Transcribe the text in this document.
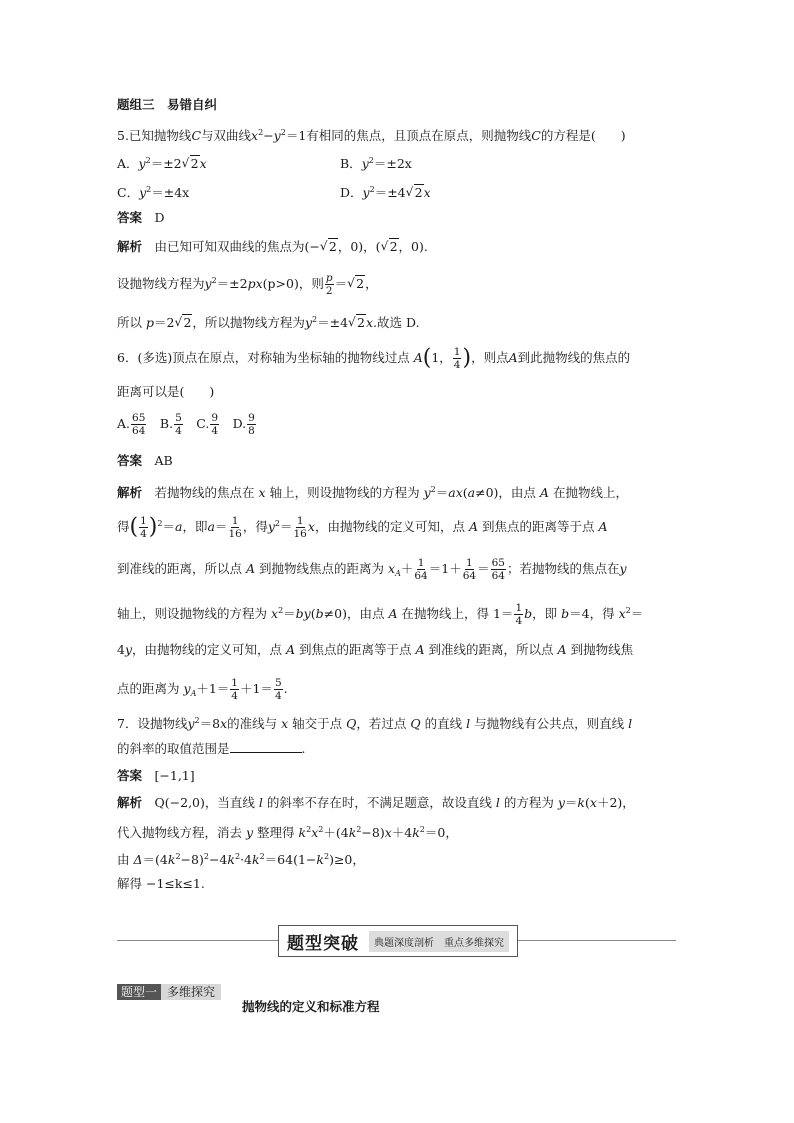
题组三　易错自纠
5.已知抛物线C与双曲线$x^2-y^2=1$有相同的焦点，且顶点在原点，则抛物线C的方程是(　　)
A．$y^2=\pm 2√$ 2x	B．$y^2=\pm 2x$
C．$y^2=\pm 4x$	D．$y^2=\pm 4√$ 2x
答案　 D
解析　 由已知可知双曲线的焦点为(−√ 2，0)，(√ 2，0).
设抛物线方程为$y^2=\pm 2px(p>0)$，则 $\frac{p}{2}$ ＝√ 2，
所以 p＝2√ 2，所以抛物线方程为$y^2=\pm 4√$ 2x.故选 D.
6．(多选)顶点在原点，对称轴为坐标轴的抛物线过点 A(1， $\frac{1}{4}$ )，则点A到此抛物线的焦点的
距离可以是(　　)
A. $\frac{65}{64}$
　 B. $\frac{5}{4}$
　 C. $\frac{9}{4}$
　 D. $\frac{9}{8}$
答案　 AB
解析　 若抛物线的焦点在 x 轴上，则设抛物线的方程为 $y^2=ax(a\ne 0)$，由点 A 在抛物线上，
得( $\frac{1}{4} )^2=a$，即$a= \frac{1}{16}$ ，得$y^2= \frac{1}{16}$ x，由抛物线的定义可知，点 A 到焦点的距离等于点 A
到准线的距离，所以点 A 到抛物线焦点的距离为 $x_A+ \frac{1}{64} =1+ \frac{1}{64} = \frac{65}{64}$ ；若抛物线的焦点在y
轴上，则设抛物线的方程为 $x^2=by(b\ne 0)$，由点 A 在抛物线上，得 $1= \frac{1}{4}$ b，即 b＝4，得 $x^2=$
4y，由抛物线的定义可知，点 A 到焦点的距离等于点 A 到准线的距离，所以点 A 到抛物线焦
点的距离为 $y_A+1= \frac{1}{4} +1= \frac{5}{4}$ .
7．设抛物线$y^2=8x$的准线与 x 轴交于点 Q，若过点 Q 的直线 l 与抛物线有公共点，则直线 l
的斜率的取值范围是	.
答案　 [−1,1]
解析　 Q(−2,0)，当直线 l 的斜率不存在时，不满足题意，故设直线 l 的方程为 y＝k(x＋2)，
代入抛物线方程，消去 y 整理得 $k^2x^2+(4k^2-8)x+4k^2=0$，
由 $\Delta=(4k^2-8)^2-4k^2\cdot 4k^2=64(1-k^2)\ge 0$，
解得 −1≤k≤1.
题型突破	典题深度剖析　重点多维探究
题型一 多维探究
抛物线的定义和标准方程
